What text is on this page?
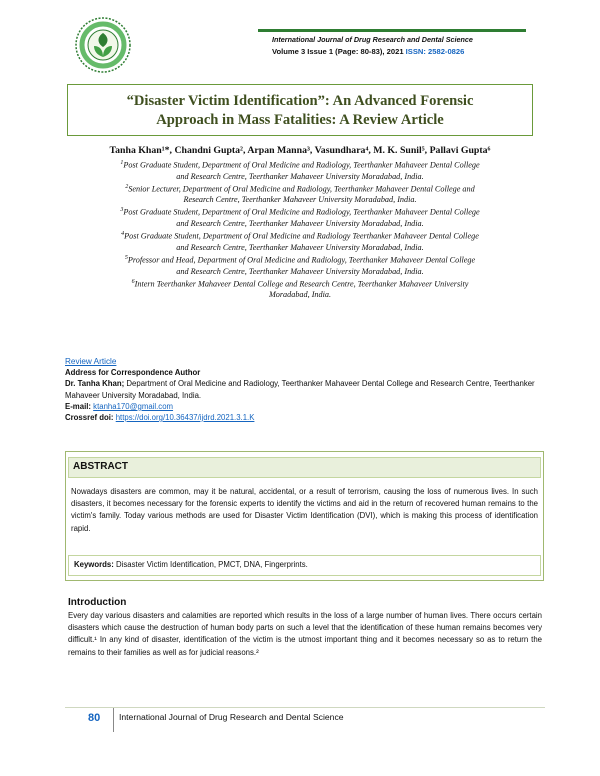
International Journal of Drug Research and Dental Science
Volume 3 Issue 1 (Page: 80-83), 2021 ISSN: 2582-0826
“Disaster Victim Identification”: An Advanced Forensic
Approach in Mass Fatalities: A Review Article
Tanha Khan¹*, Chandni Gupta², Arpan Manna³, Vasundhara⁴, M. K. Sunil⁵, Pallavi Gupta⁶
$^1$Post Graduate Student, Department of Oral Medicine and Radiology, Teerthanker Mahaveer Dental College
and Research Centre, Teerthanker Mahaveer University Moradabad, India.
$^2$Senior Lecturer, Department of Oral Medicine and Radiology, Teerthanker Mahaveer Dental College and
Research Centre, Teerthanker Mahaveer University Moradabad, India.
$^3$Post Graduate Student, Department of Oral Medicine and Radiology, Teerthanker Mahaveer Dental College
and Research Centre, Teerthanker Mahaveer University Moradabad, India.
$^4$Post Graduate Student, Department of Oral Medicine and Radiology Teerthanker Mahaveer Dental College
and Research Centre, Teerthanker Mahaveer University Moradabad, India.
$^5$Professor and Head, Department of Oral Medicine and Radiology, Teerthanker Mahaveer Dental College
and Research Centre, Teerthanker Mahaveer University Moradabad, India.
$^6$Intern Teerthanker Mahaveer Dental College and Research Centre, Teerthanker Mahaveer University
Moradabad, India.
Review Article
Address for Correspondence Author
Dr. Tanha Khan; Department of Oral Medicine and Radiology, Teerthanker Mahaveer Dental College and Research Centre, Teerthanker Mahaveer University Moradabad, India.
E-mail: ktanha170@gmail.com
Crossref doi: https://doi.org/10.36437/ijdrd.2021.3.1.K
ABSTRACT
Nowadays disasters are common, may it be natural, accidental, or a result of terrorism, causing the loss of numerous lives. In such disasters, it becomes necessary for the forensic experts to identify the victims and aid in the return of recovered human remains to the victim's family. Today various methods are used for Disaster Victim Identification (DVI), which is making this process of identification rapid.
Keywords: Disaster Victim Identification, PMCT, DNA, Fingerprints.
Introduction
Every day various disasters and calamities are reported which results in the loss of a large number of human lives. There occurs certain disasters which cause the destruction of human body parts on such a level that the identification of these human remains becomes very difficult.¹ In any kind of disaster, identification of the victim is the utmost important thing and it becomes necessary so as to return the remains to their families as well as for judicial reasons.²
80 International Journal of Drug Research and Dental Science
